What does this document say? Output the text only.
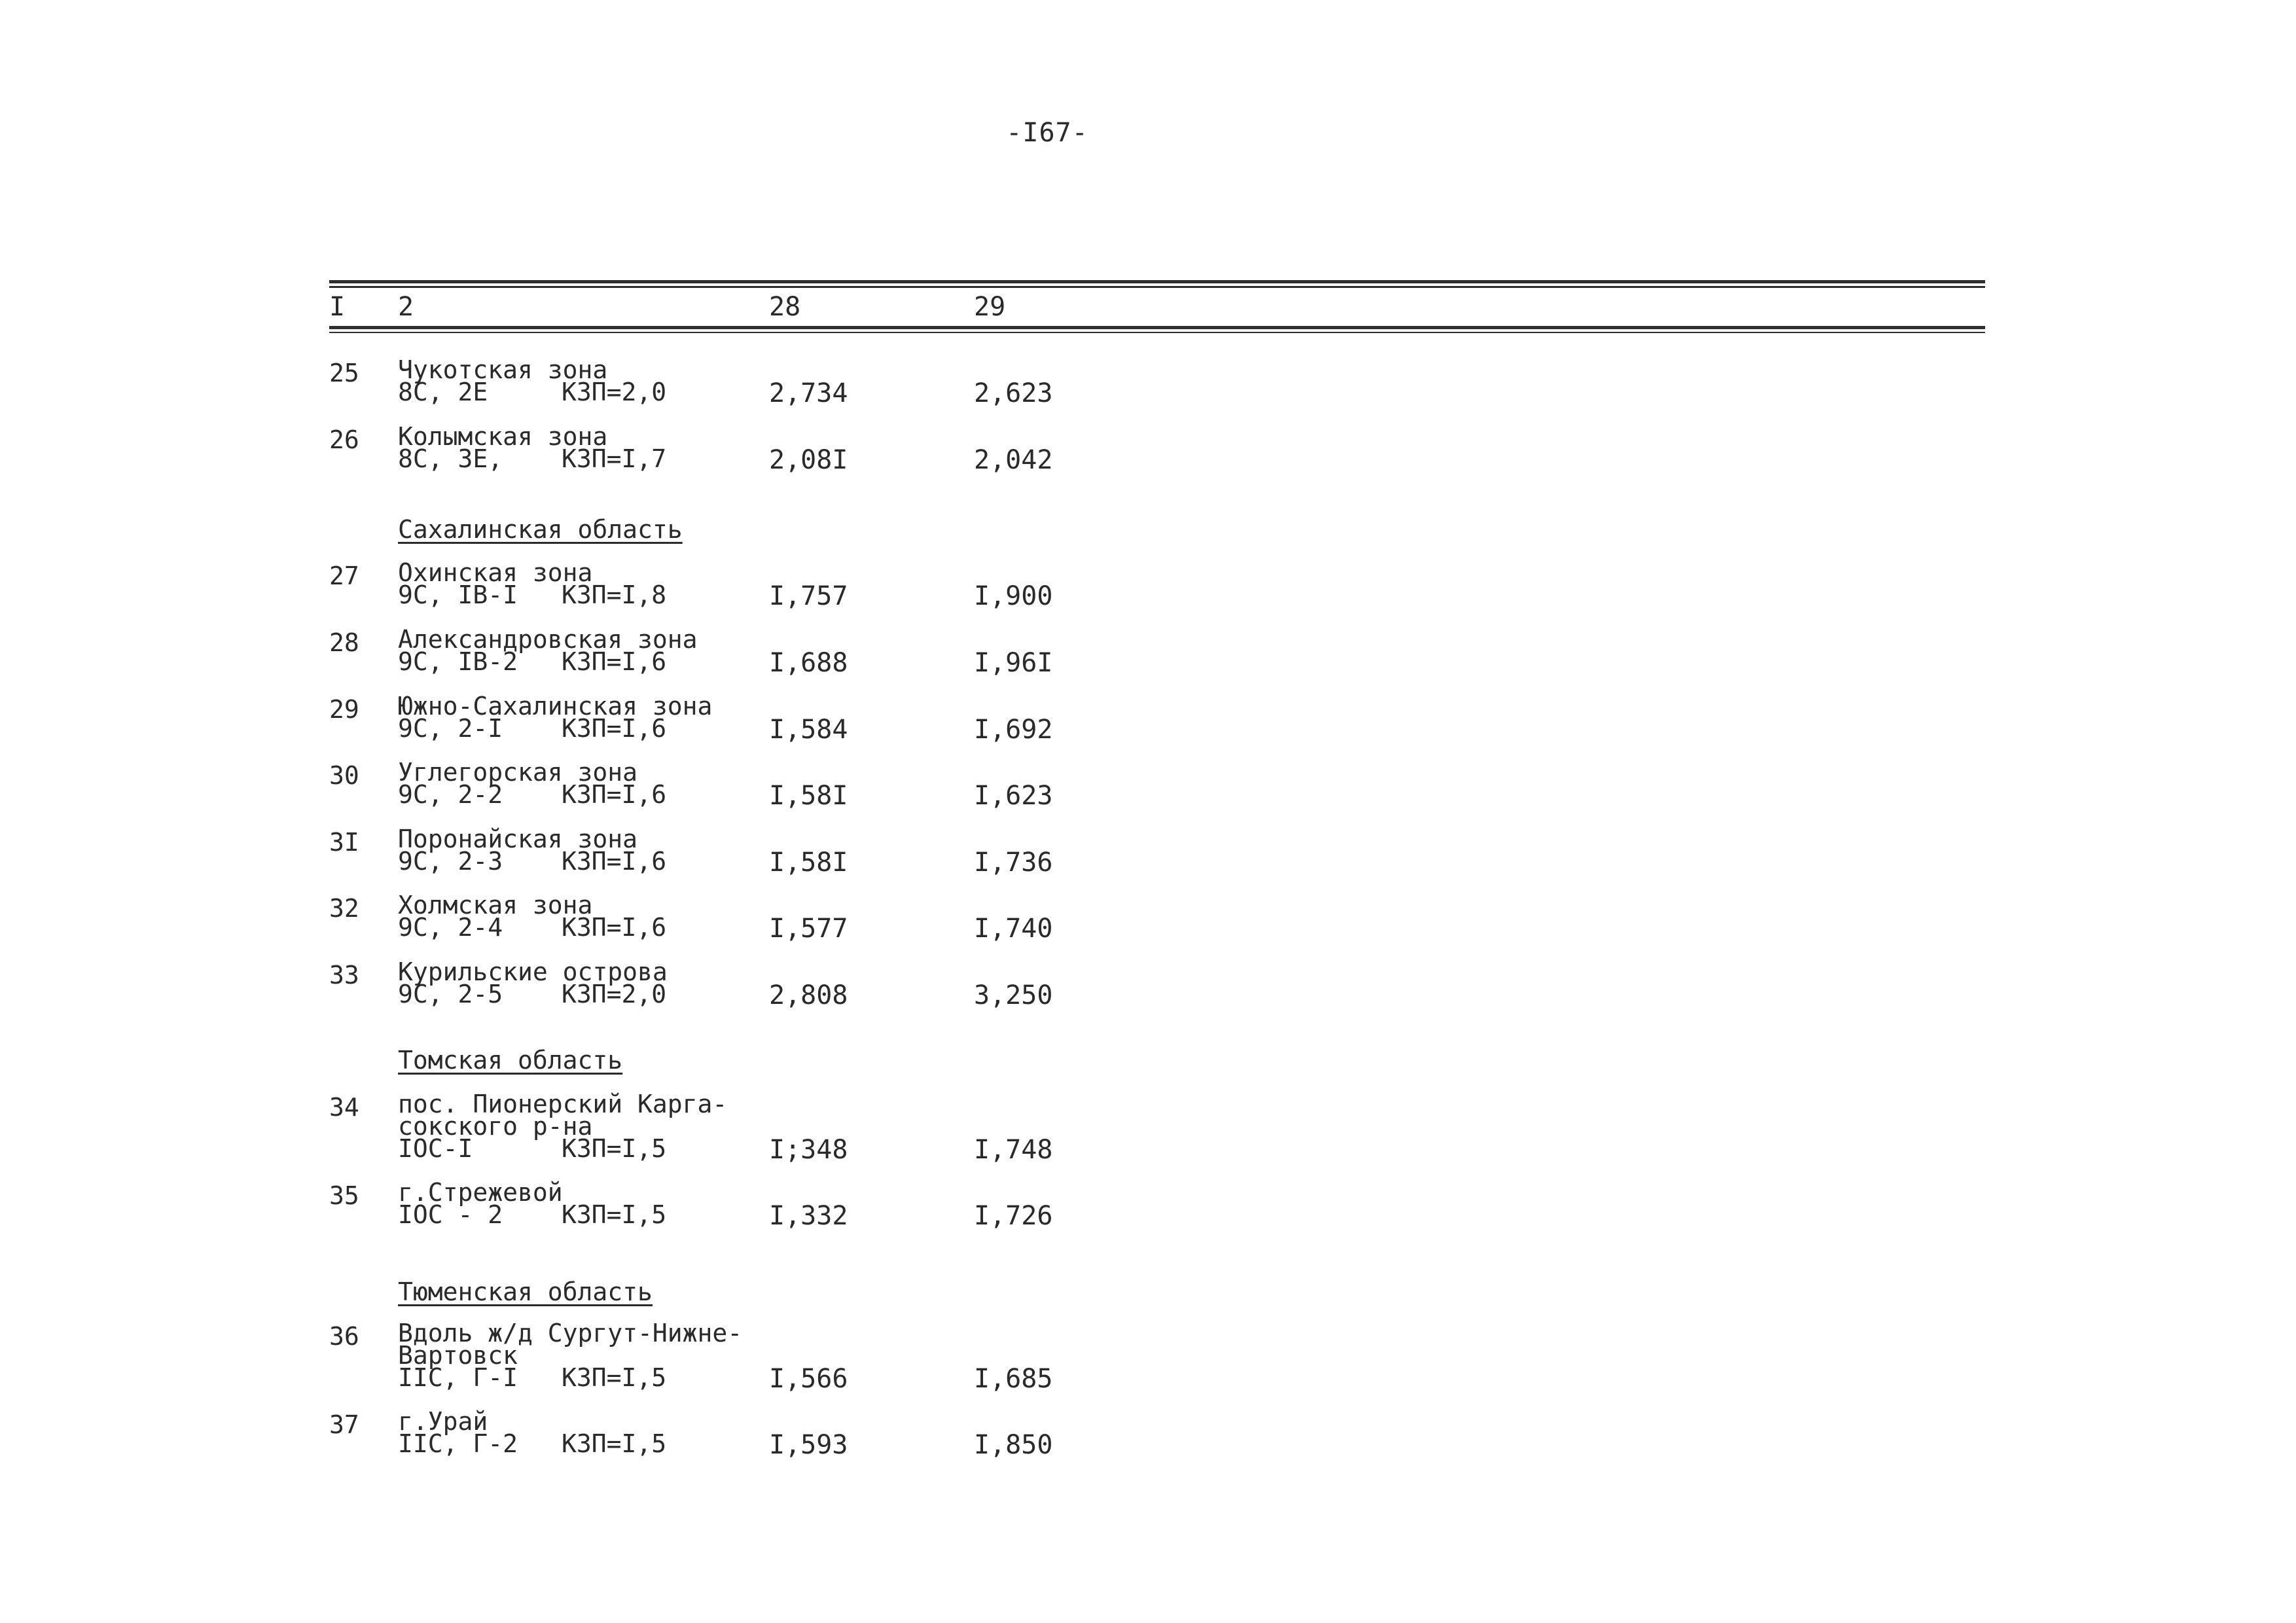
-I67-
I 2	28	29
25 Чукотская зона
8С, 2Е	КЗП=2,0	2,734	2,623
26 Колымская зона
8С, 3Е, КЗП=I,7	2,08I	2,042
Сахалинская область
27 Охинская зона
9С, IВ-I КЗП=I,8	I,757	I,900
28 Александровская зона
9С, IВ-2 КЗП=I,6	I,688	I,96I
29 Южно-Сахалинская зона
9С, 2-I КЗП=I,6	I,584	I,692
30 Углегорская зона
9С, 2-2 КЗП=I,6	I,58I	I,623
3I Поронайская зона
9С, 2-3 КЗП=I,6	I,58I	I,736
32 Холмская зона
9С, 2-4 КЗП=I,6	I,577	I,740
33 Курильские острова
9С, 2-5 КЗП=2,0	2,808	3,250
Томская область
34 пос. Пионерский Карга-
сокского р-на
IОС-I	КЗП=I,5	I;348	I,748
35 г.Стрежевой
IОС - 2 КЗП=I,5	I,332	I,726
Тюменская область
36 Вдоль ж/д Сургут-Нижне-
Вартовск
IIС, Г-I КЗП=I,5	I,566	I,685
37 г.Урай
IIС, Г-2 КЗП=I,5	I,593	I,850
